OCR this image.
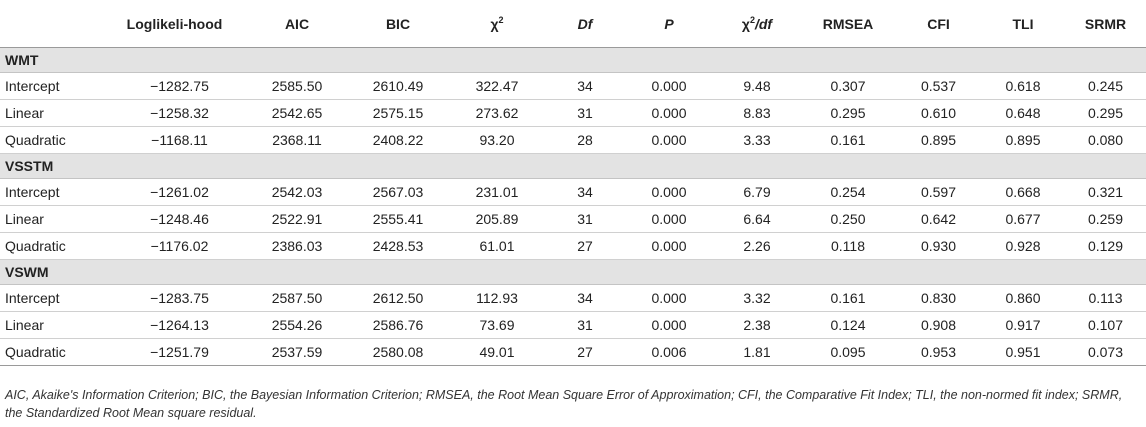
	Loglikeli-hood	AIC	BIC	$\chi^2$	Df	P	$\chi^2/df$	RMSEA	CFI	TLI	SRMR
WMT											
Intercept	−1282.75	2585.50	2610.49	322.47	34	0.000	9.48	0.307	0.537	0.618	0.245
Linear	−1258.32	2542.65	2575.15	273.62	31	0.000	8.83	0.295	0.610	0.648	0.295
Quadratic	−1168.11	2368.11	2408.22	93.20	28	0.000	3.33	0.161	0.895	0.895	0.080
VSSTM											
Intercept	−1261.02	2542.03	2567.03	231.01	34	0.000	6.79	0.254	0.597	0.668	0.321
Linear	−1248.46	2522.91	2555.41	205.89	31	0.000	6.64	0.250	0.642	0.677	0.259
Quadratic	−1176.02	2386.03	2428.53	61.01	27	0.000	2.26	0.118	0.930	0.928	0.129
VSWM											
Intercept	−1283.75	2587.50	2612.50	112.93	34	0.000	3.32	0.161	0.830	0.860	0.113
Linear	−1264.13	2554.26	2586.76	73.69	31	0.000	2.38	0.124	0.908	0.917	0.107
Quadratic	−1251.79	2537.59	2580.08	49.01	27	0.006	1.81	0.095	0.953	0.951	0.073
AIC, Akaike's Information Criterion; BIC, the Bayesian Information Criterion; RMSEA, the Root Mean Square Error of Approximation; CFI, the Comparative Fit Index; TLI, the non-normed fit index; SRMR, the Standardized Root Mean square residual.
